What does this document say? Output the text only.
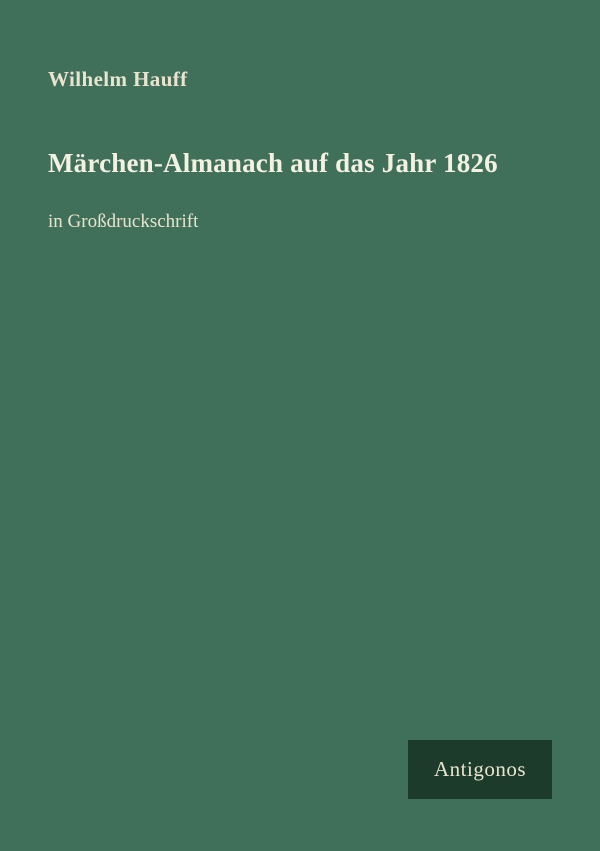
Wilhelm Hauff
Märchen-Almanach auf das Jahr 1826
in Großdruckschrift
Antigonos
